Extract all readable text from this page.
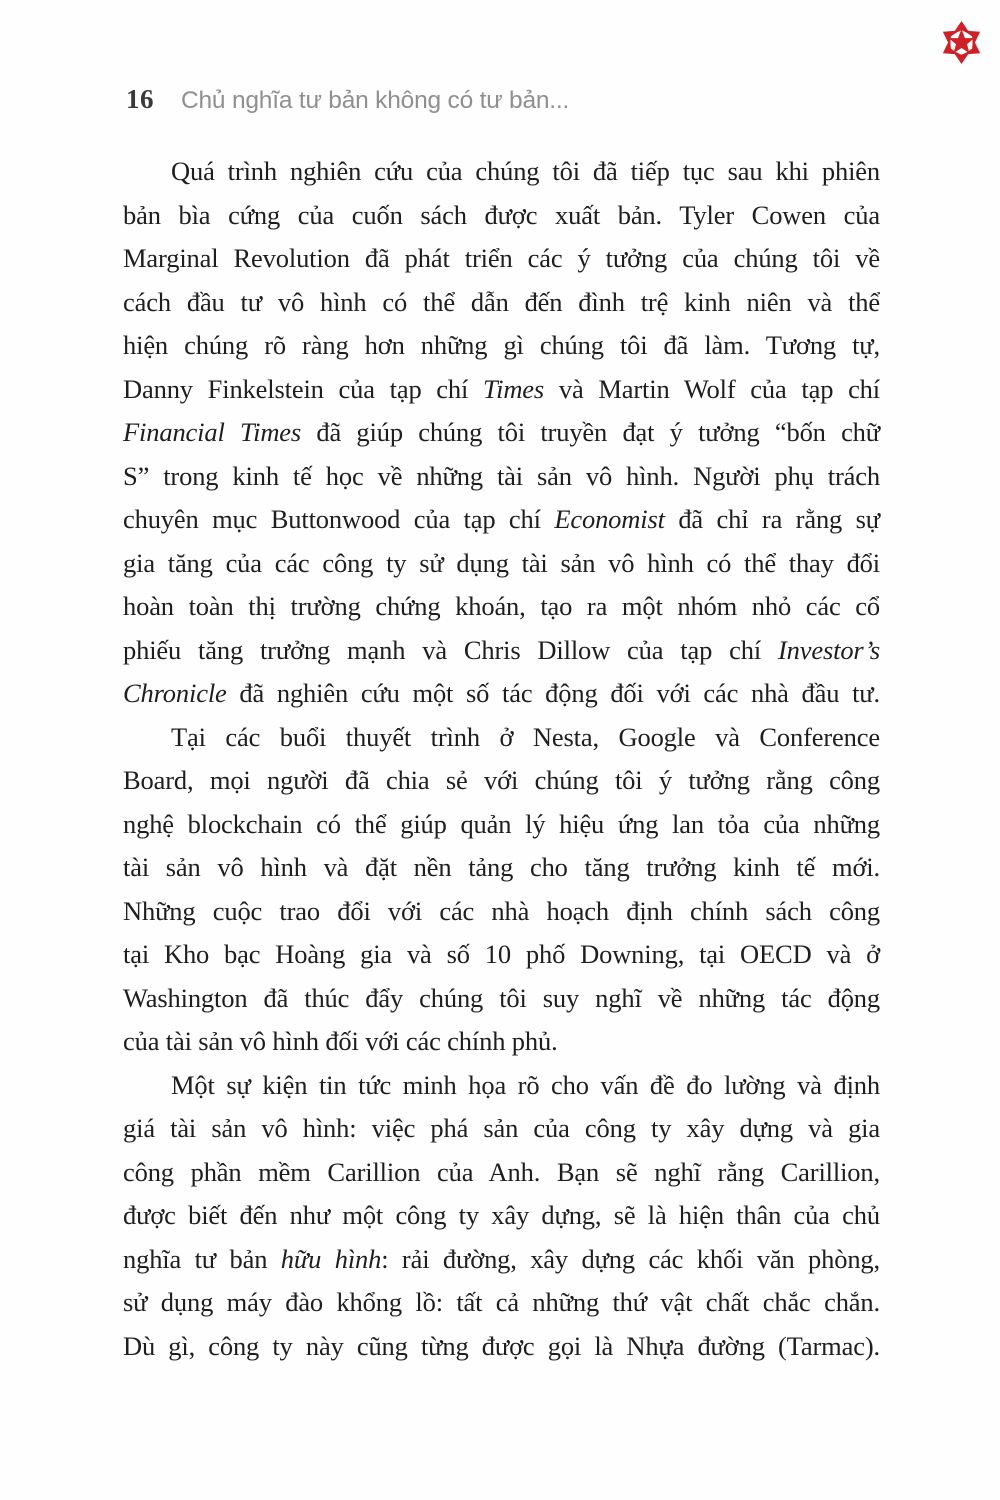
16 Chủ nghĩa tư bản không có tư bản...
Quá trình nghiên cứu của chúng tôi đã tiếp tục sau khi phiên
bản bìa cứng của cuốn sách được xuất bản. Tyler Cowen của
Marginal Revolution đã phát triển các ý tưởng của chúng tôi về
cách đầu tư vô hình có thể dẫn đến đình trệ kinh niên và thể
hiện chúng rõ ràng hơn những gì chúng tôi đã làm. Tương tự,
Danny Finkelstein của tạp chí Times và Martin Wolf của tạp chí
Financial Times đã giúp chúng tôi truyền đạt ý tưởng “bốn chữ
S” trong kinh tế học về những tài sản vô hình. Người phụ trách
chuyên mục Buttonwood của tạp chí Economist đã chỉ ra rằng sự
gia tăng của các công ty sử dụng tài sản vô hình có thể thay đổi
hoàn toàn thị trường chứng khoán, tạo ra một nhóm nhỏ các cổ
phiếu tăng trưởng mạnh và Chris Dillow của tạp chí Investor’s
Chronicle đã nghiên cứu một số tác động đối với các nhà đầu tư.
Tại các buổi thuyết trình ở Nesta, Google và Conference
Board, mọi người đã chia sẻ với chúng tôi ý tưởng rằng công
nghệ blockchain có thể giúp quản lý hiệu ứng lan tỏa của những
tài sản vô hình và đặt nền tảng cho tăng trưởng kinh tế mới.
Những cuộc trao đổi với các nhà hoạch định chính sách công
tại Kho bạc Hoàng gia và số 10 phố Downing, tại OECD và ở
Washington đã thúc đẩy chúng tôi suy nghĩ về những tác động
của tài sản vô hình đối với các chính phủ.
Một sự kiện tin tức minh họa rõ cho vấn đề đo lường và định
giá tài sản vô hình: việc phá sản của công ty xây dựng và gia
công phần mềm Carillion của Anh. Bạn sẽ nghĩ rằng Carillion,
được biết đến như một công ty xây dựng, sẽ là hiện thân của chủ
nghĩa tư bản hữu hình: rải đường, xây dựng các khối văn phòng,
sử dụng máy đào khổng lồ: tất cả những thứ vật chất chắc chắn.
Dù gì, công ty này cũng từng được gọi là Nhựa đường (Tarmac).
